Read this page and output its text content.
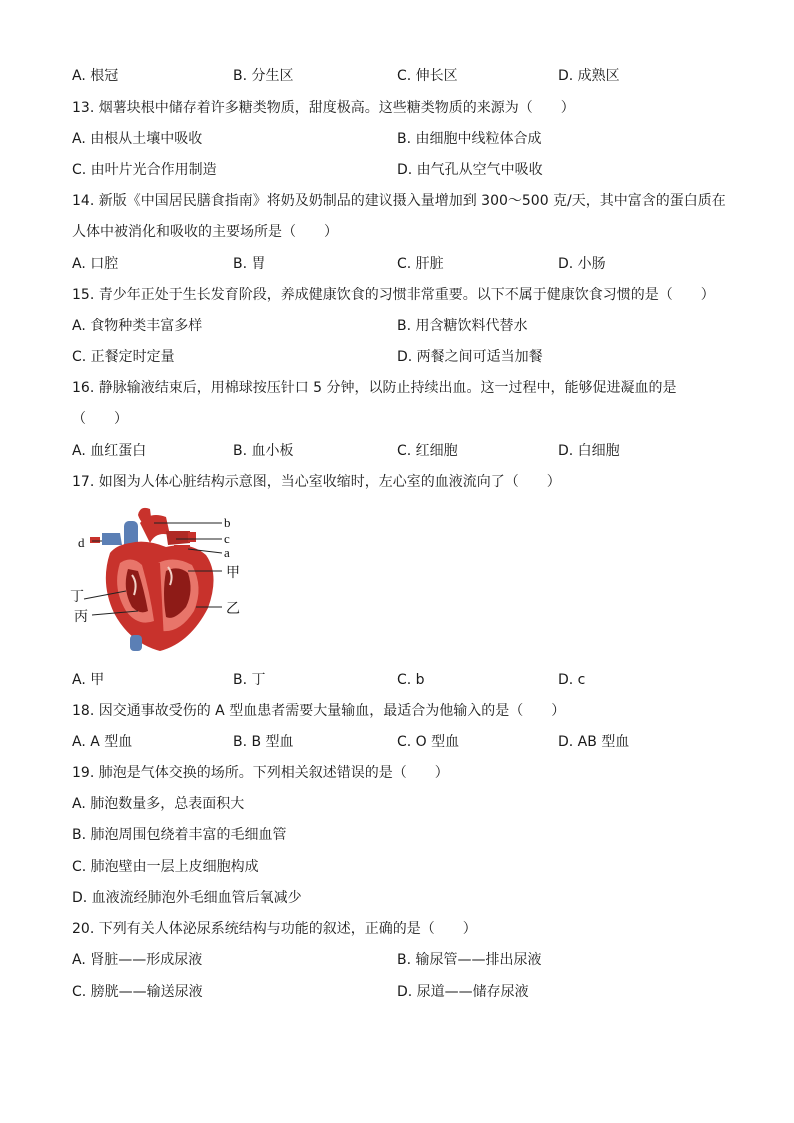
A. 根冠	B. 分生区	C. 伸长区	D. 成熟区
13. 烟薯块根中储存着许多糖类物质，甜度极高。这些糖类物质的来源为（　　）
A. 由根从土壤中吸收	B. 由细胞中线粒体合成
C. 由叶片光合作用制造	D. 由气孔从空气中吸收
14. 新版《中国居民膳食指南》将奶及奶制品的建议摄入量增加到 300～500 克/天，其中富含的蛋白质在
人体中被消化和吸收的主要场所是（　　）
A. 口腔	B. 胃	C. 肝脏	D. 小肠
15. 青少年正处于生长发育阶段，养成健康饮食的习惯非常重要。以下不属于健康饮食习惯的是（　　）
A. 食物种类丰富多样	B. 用含糖饮料代替水
C. 正餐定时定量	D. 两餐之间可适当加餐
16. 静脉输液结束后，用棉球按压针口 5 分钟，以防止持续出血。这一过程中，能够促进凝血的是
（　　）
A. 血红蛋白	B. 血小板	C. 红细胞	D. 白细胞
17. 如图为人体心脏结构示意图，当心室收缩时，左心室的血液流向了（　　）
b
c
a
甲
d
丁
丙	乙
A. 甲	B. 丁	C. b	D. c
18. 因交通事故受伤的 A 型血患者需要大量输血，最适合为他输入的是（　　）
A. A 型血	B. B 型血	C. O 型血	D. AB 型血
19. 肺泡是气体交换的场所。下列相关叙述错误的是（　　）
A. 肺泡数量多，总表面积大
B. 肺泡周围包绕着丰富的毛细血管
C. 肺泡壁由一层上皮细胞构成
D. 血液流经肺泡外毛细血管后氧减少
20. 下列有关人体泌尿系统结构与功能的叙述，正确的是（　　）
A. 肾脏——形成尿液	B. 输尿管——排出尿液
C. 膀胱——输送尿液	D. 尿道——储存尿液
